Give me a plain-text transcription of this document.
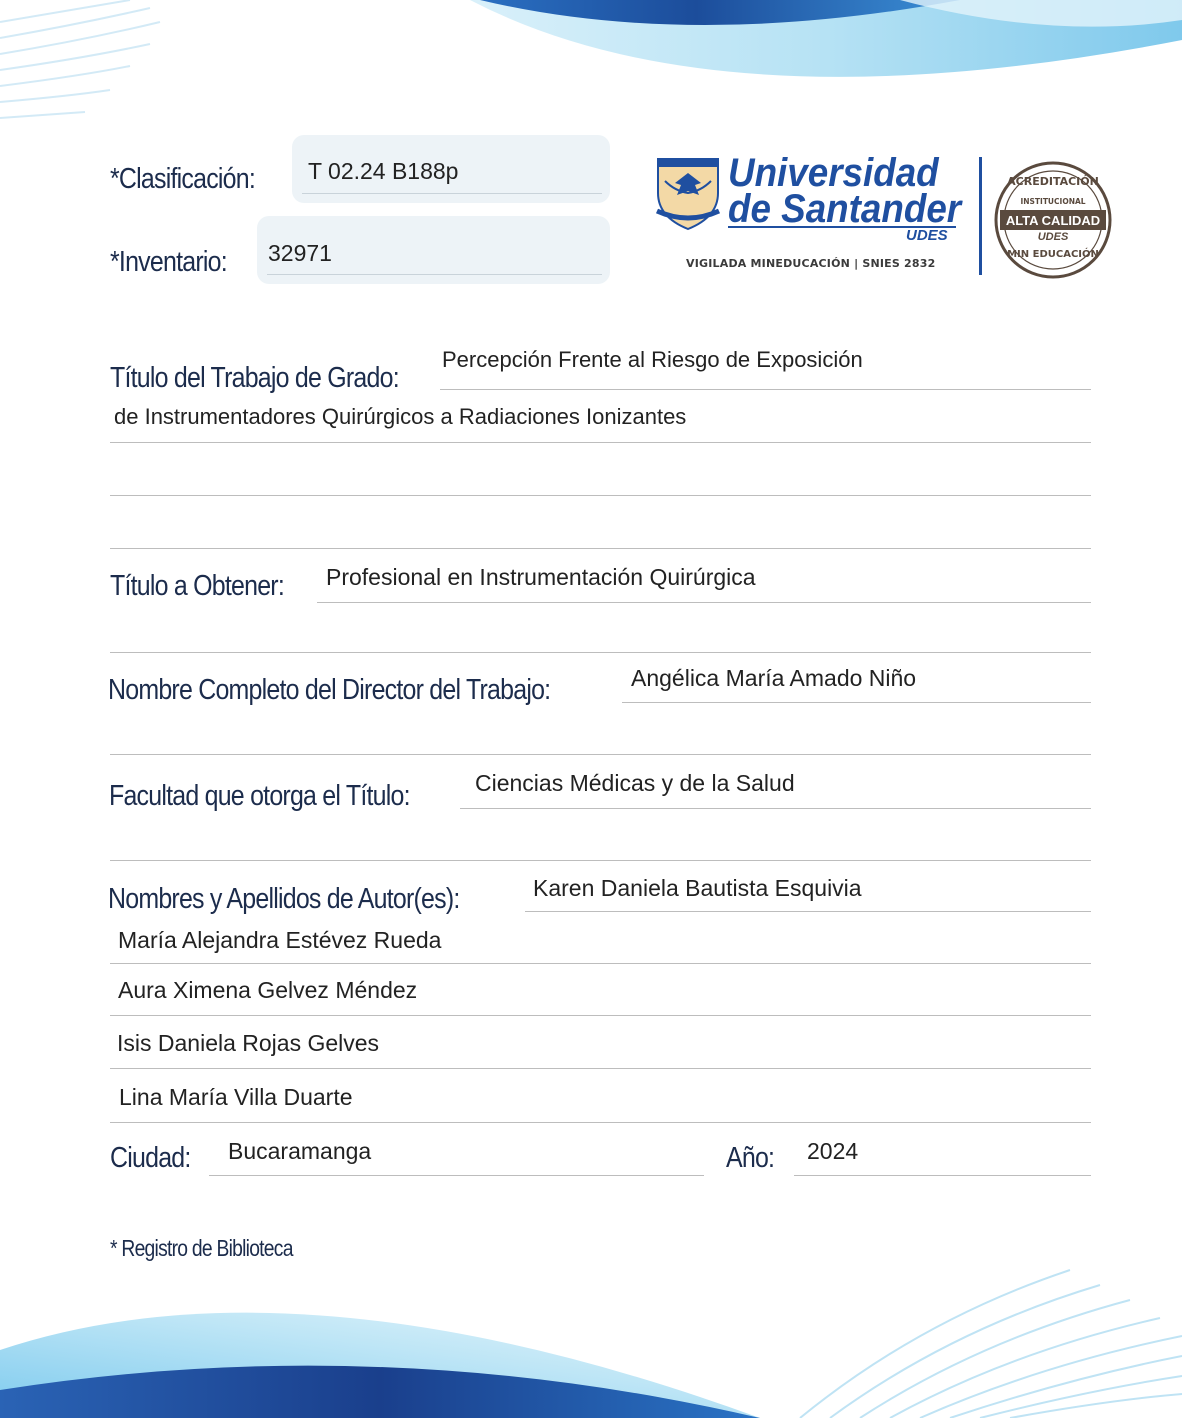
*Clasificación: T 02.24 B188p
*Inventario: 32971
Universidad
de Santander
UDES
VIGILADA MINEDUCACIÓN | SNIES 2832
ACREDITACIÓN
INSTITUCIONAL
ALTA CALIDAD
UDES
MIN EDUCACIÓN
Título del Trabajo de Grado:
Percepción Frente al Riesgo de Exposición
de Instrumentadores Quirúrgicos a Radiaciones Ionizantes
Título a Obtener: Profesional en Instrumentación Quirúrgica
Nombre Completo del Director del Trabajo:	Angélica María Amado Niño
Facultad que otorga el Título:	Ciencias Médicas y de la Salud
Nombres y Apellidos de Autor(es):	Karen Daniela Bautista Esquivia
María Alejandra Estévez Rueda
Aura Ximena Gelvez Méndez
Isis Daniela Rojas Gelves
Lina María Villa Duarte
Ciudad: Bucaramanga	Año: 2024
* Registro de Biblioteca
